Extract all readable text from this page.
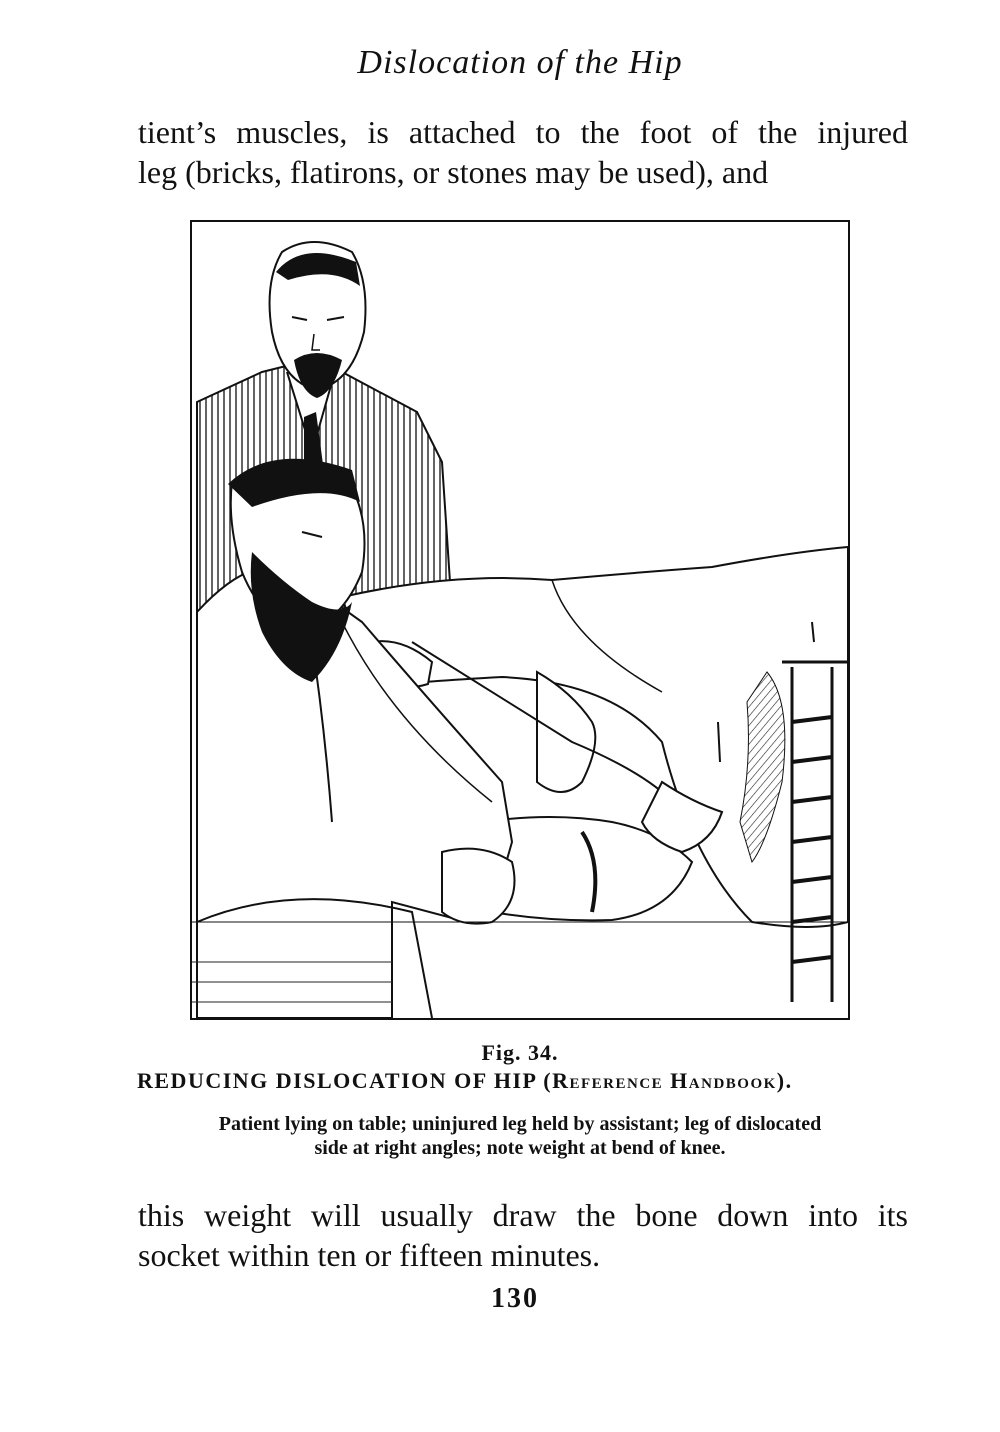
Dislocation of the Hip
tient’s muscles, is attached to the foot of the injured
leg (bricks, flatirons, or stones may be used), and
Fig. 34.
REDUCING DISLOCATION OF HIP (Reference Handbook).
Patient lying on table; uninjured leg held by assistant; leg of dislocated
side at right angles; note weight at bend of knee.
this weight will usually draw the bone down into its
socket within ten or fifteen minutes.
130
